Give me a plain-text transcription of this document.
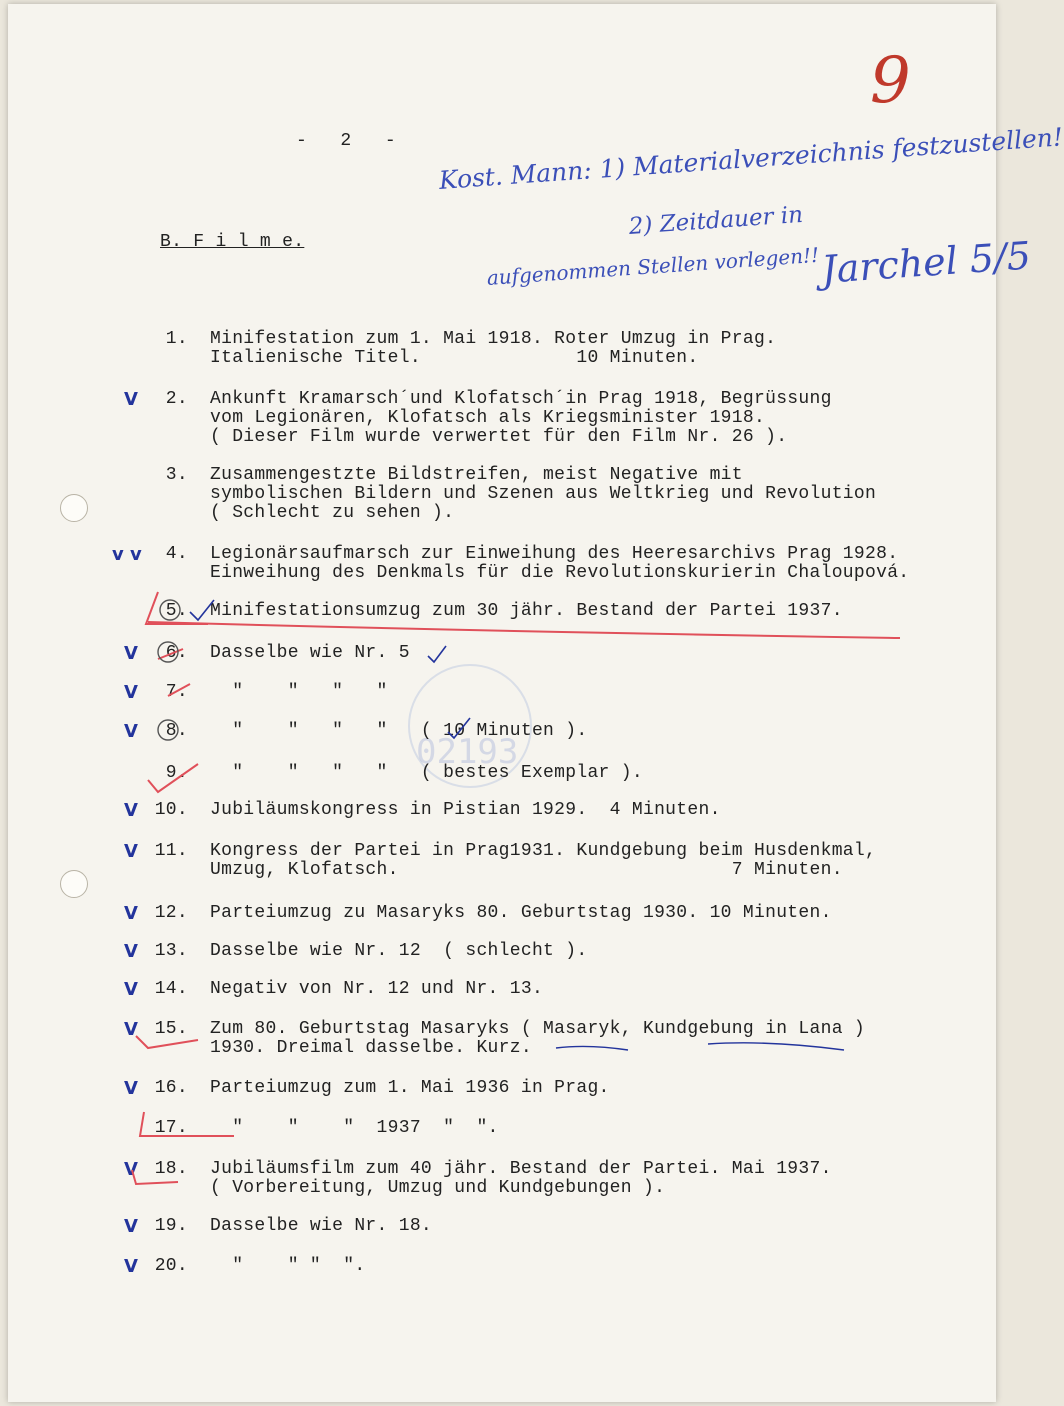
02193
-   2   -
9
Kost. Mann: 1) Materialverzeichnis festzustellen!
2) Zeitdauer in
aufgenommen Stellen vorlegen!! Jarchel 5/5
B. F i l m e.
1. Minifestation zum 1. Mai 1918. Roter Umzug in Prag.
Italienische Titel.              10 Minuten.
V	2. Ankunft Kramarsch´und Klofatsch´in Prag 1918, Begrüssung
vom Legionären, Klofatsch als Kriegsminister 1918.
( Dieser Film wurde verwertet für den Film Nr. 26 ).
3. Zusammengestzte Bildstreifen, meist Negative mit
symbolischen Bildern und Szenen aus Weltkrieg und Revolution
( Schlecht zu sehen ).
v v	4. Legionärsaufmarsch zur Einweihung des Heeresarchivs Prag 1928.
Einweihung des Denkmals für die Revolutionskurierin Chaloupová.
5. Minifestationsumzug zum 30 jähr. Bestand der Partei 1937.
V	6. Dasselbe wie Nr. 5
V	7. "    "   "   "
V	8. "    "   "   "   ( 10 Minuten ).
9. "    "   "   "   ( bestes Exemplar ).
V 10. Jubiläumskongress in Pistian 1929.  4 Minuten.
V 11. Kongress der Partei in Prag1931. Kundgebung beim Husdenkmal,
Umzug, Klofatsch.                              7 Minuten.
V 12. Parteiumzug zu Masaryks 80. Geburtstag 1930. 10 Minuten.
V 13. Dasselbe wie Nr. 12  ( schlecht ).
V 14. Negativ von Nr. 12 und Nr. 13.
V 15. Zum 80. Geburtstag Masaryks ( Masaryk, Kundgebung in Lana )
1930. Dreimal dasselbe. Kurz.
V 16. Parteiumzug zum 1. Mai 1936 in Prag.
17. "    "    "  1937  "  ".
V 18. Jubiläumsfilm zum 40 jähr. Bestand der Partei. Mai 1937.
( Vorbereitung, Umzug und Kundgebungen ).
V 19. Dasselbe wie Nr. 18.
V 20. "    " "  ".
